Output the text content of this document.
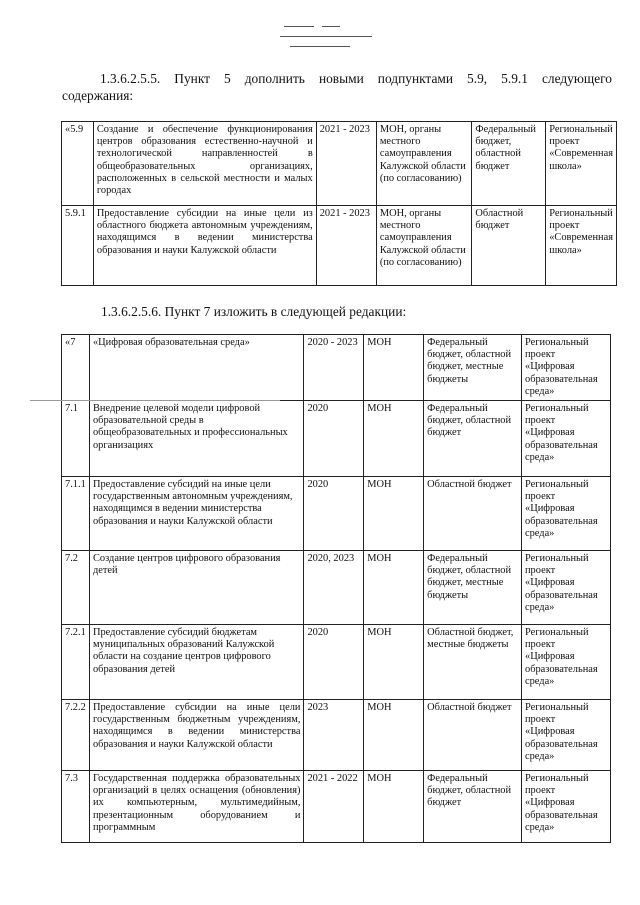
1.3.6.2.5.5. Пункт 5 дополнить новыми подпунктами 5.9, 5.9.1 следующего
содержания:
«5.9	Создание и обеспечение функционирования центров образования естественно-научной и технологической направленностей в общеобразовательных организациях, расположенных в сельской местности и малых городах	2021 - 2023	МОН, органы местного самоуправления Калужской области (по согласованию)	Федеральный бюджет, областной бюджет	Региональный проект «Современная школа»
5.9.1	Предоставление субсидии на иные цели из областного бюджета автономным учреждениям, находящимся в ведении министерства образования и науки Калужской области	2021 - 2023	МОН, органы местного самоуправления Калужской области (по согласованию)	Областной бюджет	Региональный проект «Современная школа»
1.3.6.2.5.6. Пункт 7 изложить в следующей редакции:
«7	«Цифровая образовательная среда»	2020 - 2023	МОН	Федеральный бюджет, областной бюджет, местные бюджеты	Региональный проект «Цифровая образовательная среда»
7.1	Внедрение целевой модели цифровой образовательной среды в общеобразовательных и профессиональных организациях	2020	МОН	Федеральный бюджет, областной бюджет	Региональный проект «Цифровая образовательная среда»
7.1.1	Предоставление субсидий на иные цели государственным автономным учреждениям, находящимся в ведении министерства образования и науки Калужской области	2020	МОН	Областной бюджет	Региональный проект «Цифровая образовательная среда»
7.2	Создание центров цифрового образования детей	2020, 2023	МОН	Федеральный бюджет, областной бюджет, местные бюджеты	Региональный проект «Цифровая образовательная среда»
7.2.1	Предоставление субсидий бюджетам муниципальных образований Калужской области на создание центров цифрового образования детей	2020	МОН	Областной бюджет, местные бюджеты	Региональный проект «Цифровая образовательная среда»
7.2.2	Предоставление субсидии на иные цели государственным бюджетным учреждениям, находящимся в ведении министерства образования и науки Калужской области	2023	МОН	Областной бюджет	Региональный проект «Цифровая образовательная среда»
7.3	Государственная поддержка образовательных организаций в целях оснащения (обновления) их компьютерным, мультимедийным, презентационным оборудованием и программным	2021 - 2022	МОН	Федеральный бюджет, областной бюджет	Региональный проект «Цифровая образовательная среда»
